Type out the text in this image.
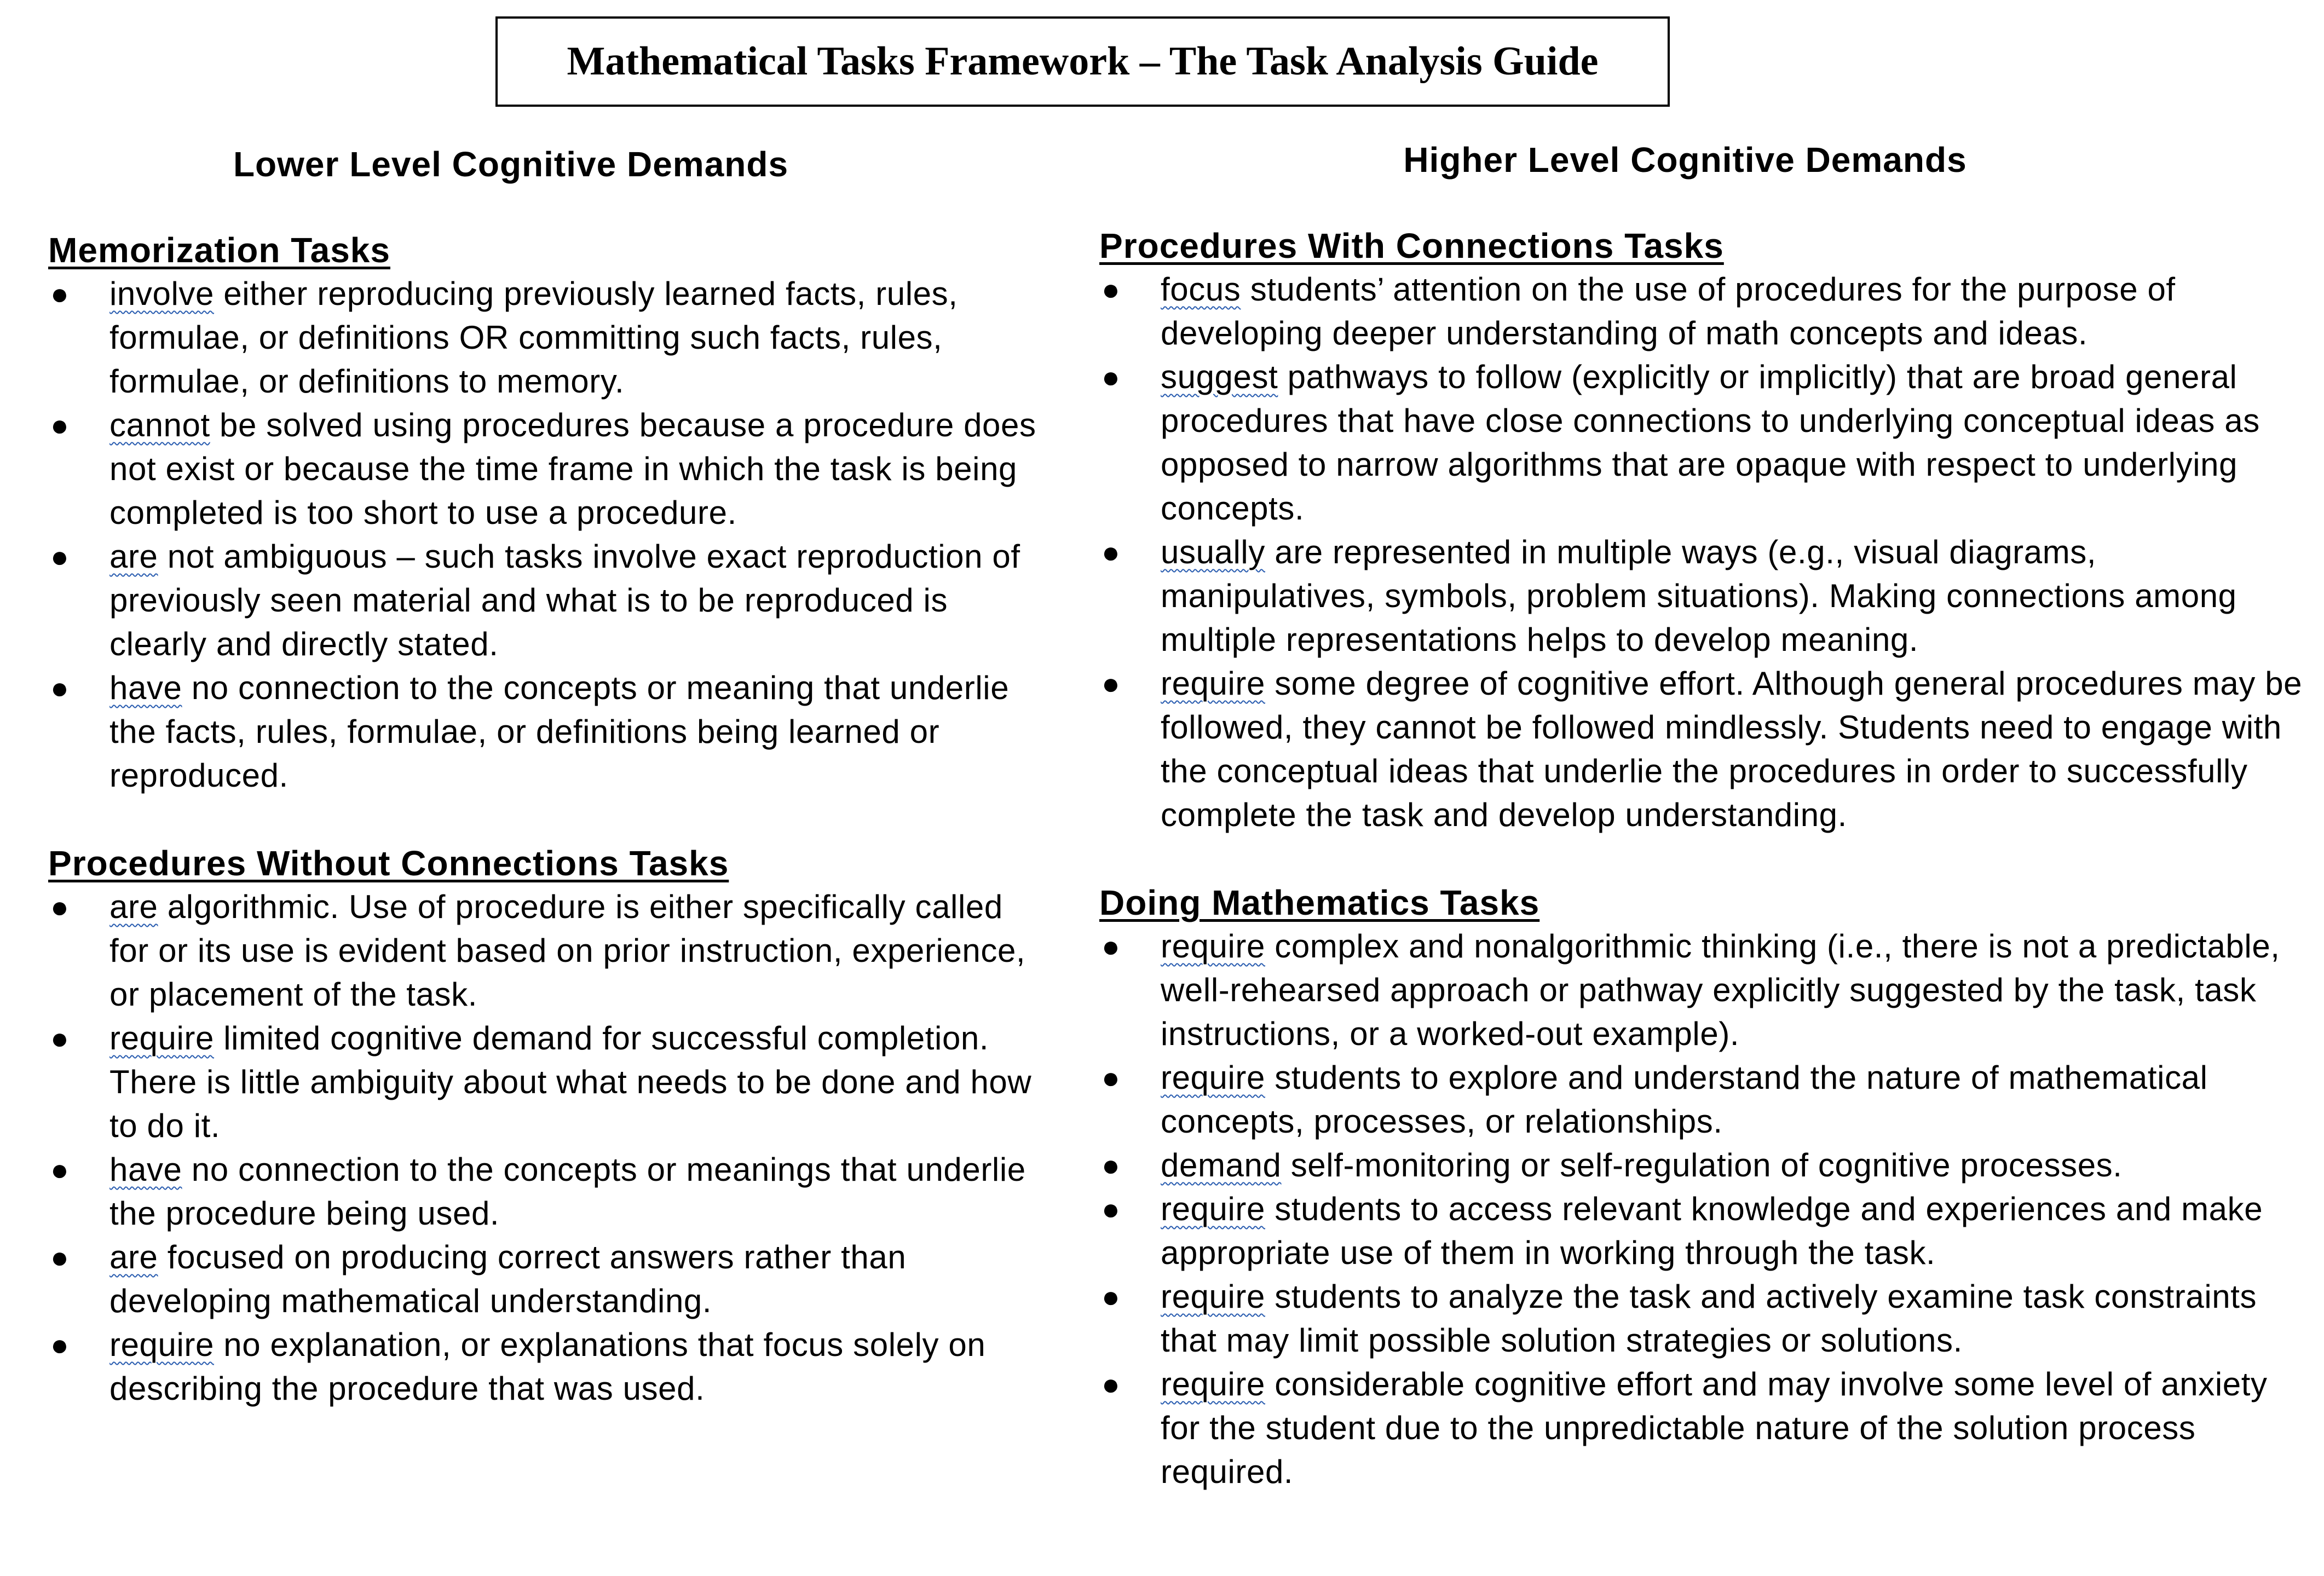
Mathematical Tasks Framework – The Task Analysis Guide
Lower Level Cognitive Demands
Memorization Tasks
● involve either reproducing previously learned facts, rules, formulae, or definitions OR committing such facts, rules, formulae, or definitions to memory.
● cannot be solved using procedures because a procedure does not exist or because the time frame in which the task is being completed is too short to use a procedure.
● are not ambiguous – such tasks involve exact reproduction of previously seen material and what is to be reproduced is clearly and directly stated.
● have no connection to the concepts or meaning that underlie the facts, rules, formulae, or definitions being learned or reproduced.
Procedures Without Connections Tasks
● are algorithmic. Use of procedure is either specifically called for or its use is evident based on prior instruction, experience, or placement of the task.
● require limited cognitive demand for successful completion. There is little ambiguity about what needs to be done and how to do it.
● have no connection to the concepts or meanings that underlie the procedure being used.
● are focused on producing correct answers rather than developing mathematical understanding.
● require no explanation, or explanations that focus solely on describing the procedure that was used.
Higher Level Cognitive Demands
Procedures With Connections Tasks
● focus students’ attention on the use of procedures for the purpose of developing deeper understanding of math concepts and ideas.
● suggest pathways to follow (explicitly or implicitly) that are broad general procedures that have close connections to underlying conceptual ideas as opposed to narrow algorithms that are opaque with respect to underlying concepts.
● usually are represented in multiple ways (e.g., visual diagrams, manipulatives, symbols, problem situations). Making connections among multiple representations helps to develop meaning.
● require some degree of cognitive effort. Although general procedures may be followed, they cannot be followed mindlessly. Students need to engage with the conceptual ideas that underlie the procedures in order to successfully complete the task and develop understanding.
Doing Mathematics Tasks
● require complex and nonalgorithmic thinking (i.e., there is not a predictable, well-rehearsed approach or pathway explicitly suggested by the task, task instructions, or a worked-out example).
● require students to explore and understand the nature of mathematical concepts, processes, or relationships.
● demand self-monitoring or self-regulation of cognitive processes.
● require students to access relevant knowledge and experiences and make appropriate use of them in working through the task.
● require students to analyze the task and actively examine task constraints that may limit possible solution strategies or solutions.
● require considerable cognitive effort and may involve some level of anxiety for the student due to the unpredictable nature of the solution process required.
